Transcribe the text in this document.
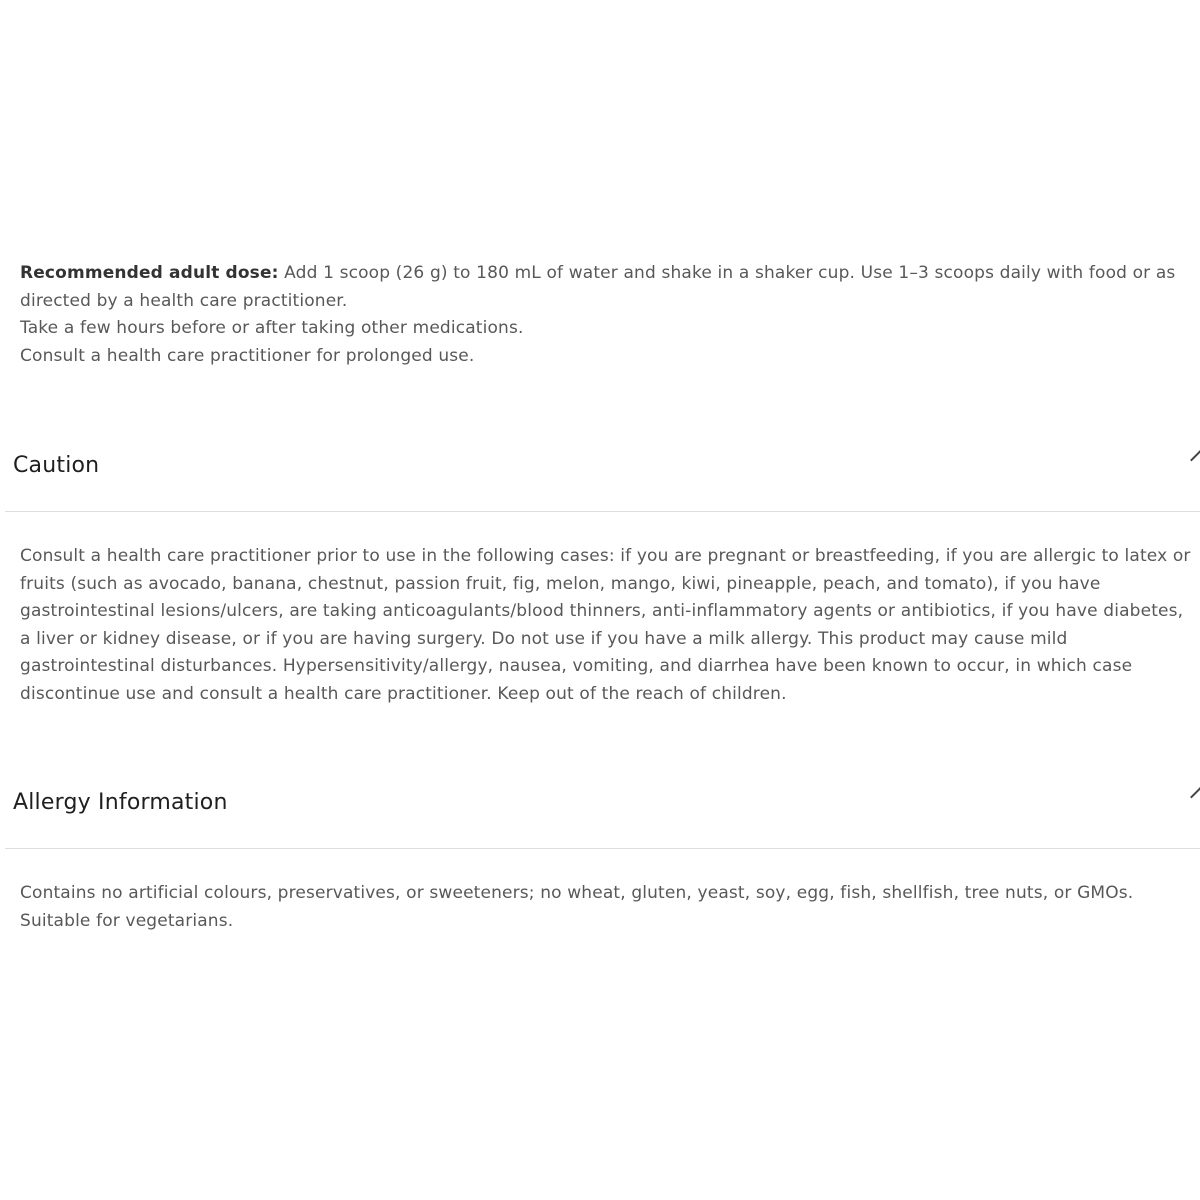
Recommended adult dose: Add 1 scoop (26 g) to 180 mL of water and shake in a shaker cup. Use 1–3 scoops daily with food or as directed by a health care practitioner.

Take a few hours before or after taking other medications.

Consult a health care practitioner for prolonged use.

Caution

Consult a health care practitioner prior to use in the following cases: if you are pregnant or breastfeeding, if you are allergic to latex or fruits (such as avocado, banana, chestnut, passion fruit, fig, melon, mango, kiwi, pineapple, peach, and tomato), if you have gastrointestinal lesions/ulcers, are taking anticoagulants/blood thinners, anti-inflammatory agents or antibiotics, if you have diabetes, a liver or kidney disease, or if you are having surgery. Do not use if you have a milk allergy. This product may cause mild gastrointestinal disturbances. Hypersensitivity/allergy, nausea, vomiting, and diarrhea have been known to occur, in which case discontinue use and consult a health care practitioner. Keep out of the reach of children.

Allergy Information

Contains no artificial colours, preservatives, or sweeteners; no wheat, gluten, yeast, soy, egg, fish, shellfish, tree nuts, or GMOs. Suitable for vegetarians.
